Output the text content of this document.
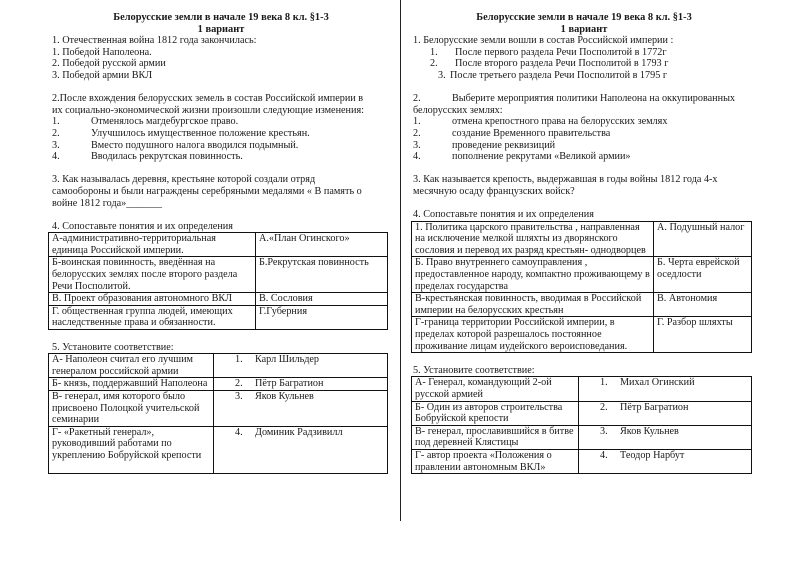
Белорусские земли в начале 19 века 8 кл. §1-3
1 вариант

1. Отечественная война 1812 года закончилась:

1. Победой Наполеона.

2. Победой русской армии

3. Победой армии ВКЛ

2.После вхождения белорусских земель в состав Российской империи в

их социально-экономической жизни произошли следующие изменения:

1.	Отменялось магдебургское право.
2.	Улучшилось имущественное положение крестьян.
3.	Вместо подушного налога вводился подымный.
4.	Вводилась рекрутская повинность.

3. Как называлась деревня, крестьяне которой создали отряд

самообороны и были награждены серебряными медалями « В память о

войне 1812 года»_______

4. Сопоставьте понятия и их определения

А-административно-территориальная единица Российской империи.	А.«План Огинского»
Б-воинская повинность, введённая на белорусских землях после второго раздела Речи Посполитой.	Б.Рекрутская повинность
В. Проект образования автономного ВКЛ	В. Сословия
Г. общественная группа людей, имеющих наследственные права и обязанности.	Г.Губерния

5. Установите соответствие:

А- Наполеон считал его лучшим генералом российской армии	1. Карл Шильдер
Б- князь, поддержавший Наполеона	2. Пётр Багратион
В- генерал, имя которого было присвоено Полоцкой учительской семинарии	3. Яков Кульнев
Г- «Ракетный генерал», руководивший работами по укреплению Бобруйской крепости	4. Доминик Радзивилл
Белорусские земли в начале 19 века 8 кл. §1-3
1 вариант

1. Белорусские земли вошли в состав Российской империи :

1.	После первого раздела Речи Посполитой в 1772г
2.	После второго раздела Речи Посполитой в 1793 г
3. После третьего раздела Речи Посполитой в 1795 г
2.	Выберите мероприятия политики Наполеона на оккупированных

белорусских землях:

1.	отмена крепостного права на белорусских землях
2.	создание Временного правительства
3.	проведение реквизиций
4.	пополнение рекрутами «Великой армии»

3. Как называется крепость, выдержавшая в годы войны 1812 года 4-х

месячную осаду французских войск?

4. Сопоставьте понятия и их определения

1. Политика царского правительства , направленная на исключение мелкой шляхты из дворянского сословия и перевод их разряд крестьян- однодворцев	А. Подушный налог
Б. Право внутреннего самоуправления , предоставленное народу, компактно проживающему в пределах государства	Б. Черта еврейской оседлости
В-крестьянская повинность, вводимая в Российской империи на белорусских крестьян	В. Автономия
Г-граница территории Российской империи, в пределах которой разрешалось постоянное проживание лицам иудейского вероисповедания.	Г. Разбор шляхты

5. Установите соответствие:

А- Генерал, командующий 2-ой русской армией	1. Михал Огинский
Б- Один из авторов строительства Бобруйской крепости	2. Пётр Багратион
В- генерал, прославившийся в битве под деревней Клястицы	3. Яков Кульнев
Г- автор проекта «Положения о правлении автономным ВКЛ»	4. Теодор Нарбут
